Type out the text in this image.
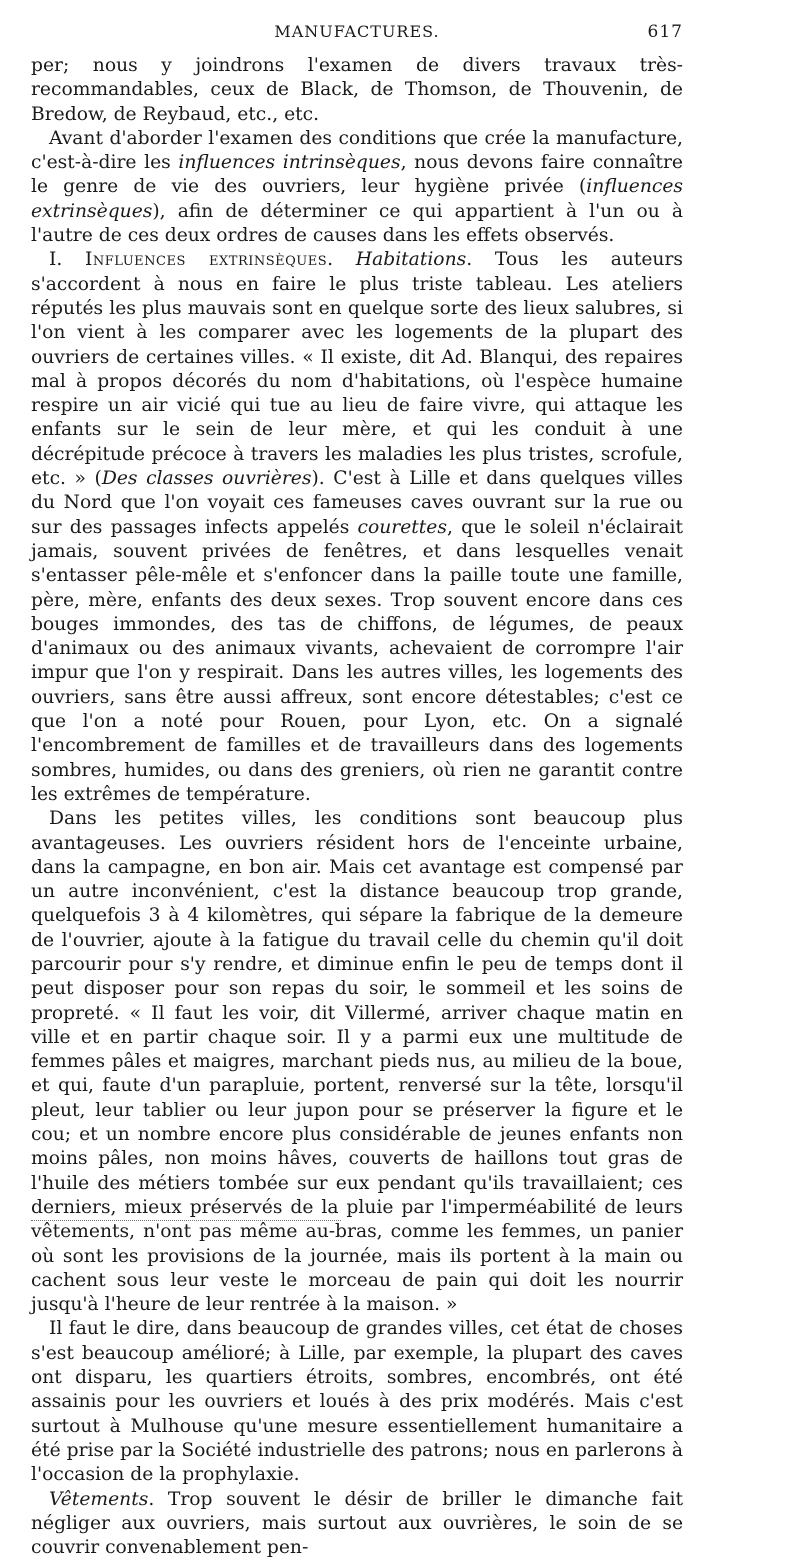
MANUFACTURES.	617

per; nous y joindrons l'examen de divers travaux très-recommandables, ceux de Black, de Thomson, de Thouvenin, de Bredow, de Reybaud, etc., etc.

Avant d'aborder l'examen des conditions que crée la manufacture, c'est-à-dire les influences intrinsèques, nous devons faire connaître le genre de vie des ouvriers, leur hygiène privée (influences extrinsèques), afin de déterminer ce qui appartient à l'un ou à l'autre de ces deux ordres de causes dans les effets observés.

I. Influences extrinsèques. Habitations. Tous les auteurs s'accordent à nous en faire le plus triste tableau. Les ateliers réputés les plus mauvais sont en quelque sorte des lieux salubres, si l'on vient à les comparer avec les logements de la plupart des ouvriers de certaines villes. « Il existe, dit Ad. Blanqui, des repaires mal à propos décorés du nom d'habitations, où l'espèce humaine respire un air vicié qui tue au lieu de faire vivre, qui attaque les enfants sur le sein de leur mère, et qui les conduit à une décrépitude précoce à travers les maladies les plus tristes, scrofule, etc. » (Des classes ouvrières). C'est à Lille et dans quelques villes du Nord que l'on voyait ces fameuses caves ouvrant sur la rue ou sur des passages infects appelés courettes, que le soleil n'éclairait jamais, souvent privées de fenêtres, et dans lesquelles venait s'entasser pêle-mêle et s'enfoncer dans la paille toute une famille, père, mère, enfants des deux sexes. Trop souvent encore dans ces bouges immondes, des tas de chiffons, de légumes, de peaux d'animaux ou des animaux vivants, achevaient de corrompre l'air impur que l'on y respirait. Dans les autres villes, les logements des ouvriers, sans être aussi affreux, sont encore détestables; c'est ce que l'on a noté pour Rouen, pour Lyon, etc. On a signalé l'encombrement de familles et de travailleurs dans des logements sombres, humides, ou dans des greniers, où rien ne garantit contre les extrêmes de température.

Dans les petites villes, les conditions sont beaucoup plus avantageuses. Les ouvriers résident hors de l'enceinte urbaine, dans la campagne, en bon air. Mais cet avantage est compensé par un autre inconvénient, c'est la distance beaucoup trop grande, quelquefois 3 à 4 kilomètres, qui sépare la fabrique de la demeure de l'ouvrier, ajoute à la fatigue du travail celle du chemin qu'il doit parcourir pour s'y rendre, et diminue enfin le peu de temps dont il peut disposer pour son repas du soir, le sommeil et les soins de propreté. « Il faut les voir, dit Villermé, arriver chaque matin en ville et en partir chaque soir. Il y a parmi eux une multitude de femmes pâles et maigres, marchant pieds nus, au milieu de la boue, et qui, faute d'un parapluie, portent, renversé sur la tête, lorsqu'il pleut, leur tablier ou leur jupon pour se préserver la figure et le cou; et un nombre encore plus considérable de jeunes enfants non moins pâles, non moins hâves, couverts de haillons tout gras de l'huile des métiers tombée sur eux pendant qu'ils travaillaient; ces derniers, mieux préservés de la pluie par l'imperméabilité de leurs vêtements, n'ont pas même au-bras, comme les femmes, un panier où sont les provisions de la journée, mais ils portent à la main ou cachent sous leur veste le morceau de pain qui doit les nourrir jusqu'à l'heure de leur rentrée à la maison. »

Il faut le dire, dans beaucoup de grandes villes, cet état de choses s'est beaucoup amélioré; à Lille, par exemple, la plupart des caves ont disparu, les quartiers étroits, sombres, encombrés, ont été assainis pour les ouvriers et loués à des prix modérés. Mais c'est surtout à Mulhouse qu'une mesure essentiellement humanitaire a été prise par la Société industrielle des patrons; nous en parlerons à l'occasion de la prophylaxie.

Vêtements. Trop souvent le désir de briller le dimanche fait négliger aux ouvriers, mais surtout aux ouvrières, le soin de se couvrir convenablement pen-
